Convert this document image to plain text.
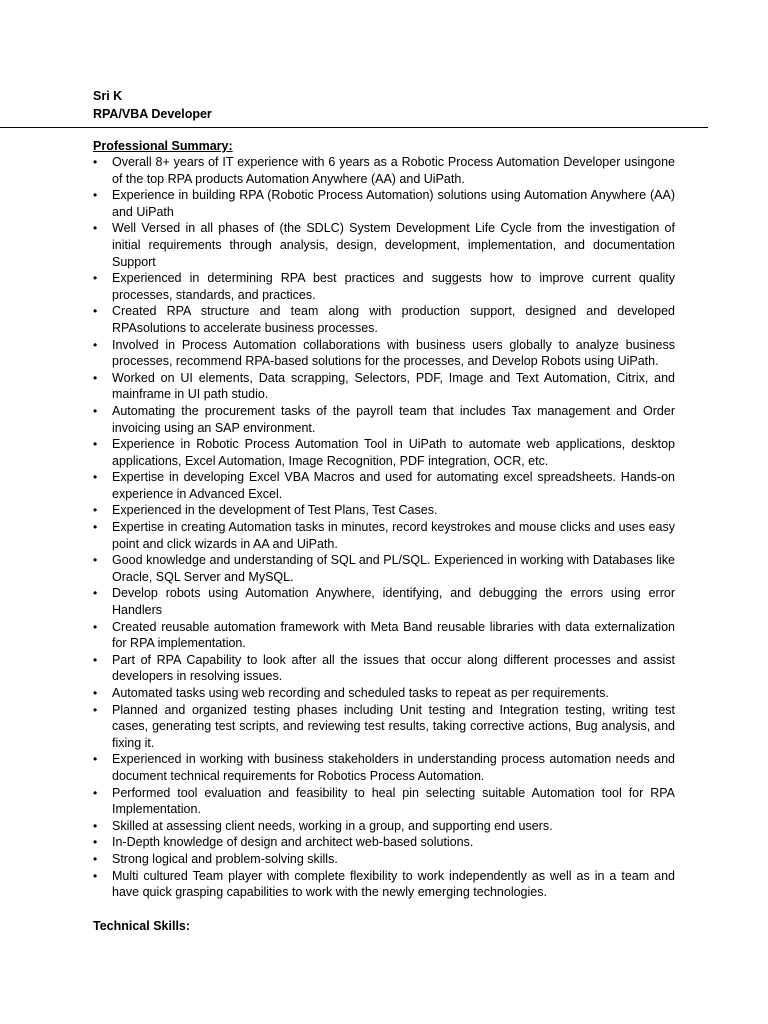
Sri K
RPA/VBA Developer
Professional Summary:
•	Overall 8+ years of IT experience with 6 years as a Robotic Process Automation Developer usingone of the top RPA products Automation Anywhere (AA) and UiPath.
•	Experience in building RPA (Robotic Process Automation) solutions using Automation Anywhere (AA) and UiPath
•	Well Versed in all phases of (the SDLC) System Development Life Cycle from the investigation of initial requirements through analysis, design, development, implementation, and documentation Support
•	Experienced in determining RPA best practices and suggests how to improve current quality processes, standards, and practices.
•	Created RPA structure and team along with production support, designed and developed RPAsolutions to accelerate business processes.
•	Involved in Process Automation collaborations with business users globally to analyze business processes, recommend RPA-based solutions for the processes, and Develop Robots using UiPath.
•	Worked on UI elements, Data scrapping, Selectors, PDF, Image and Text Automation, Citrix, and mainframe in UI path studio.
•	Automating the procurement tasks of the payroll team that includes Tax management and Order invoicing using an SAP environment.
•	Experience in Robotic Process Automation Tool in UiPath to automate web applications, desktop applications, Excel Automation, Image Recognition, PDF integration, OCR, etc.
•	Expertise in developing Excel VBA Macros and used for automating excel spreadsheets. Hands-on experience in Advanced Excel.
•	Experienced in the development of Test Plans, Test Cases.
•	Expertise in creating Automation tasks in minutes, record keystrokes and mouse clicks and uses easy point and click wizards in AA and UiPath.
•	Good knowledge and understanding of SQL and PL/SQL. Experienced in working with Databases like Oracle, SQL Server and MySQL.
•	Develop robots using Automation Anywhere, identifying, and debugging the errors using error Handlers
•	Created reusable automation framework with Meta Band reusable libraries with data externalization for RPA implementation.
•	Part of RPA Capability to look after all the issues that occur along different processes and assist developers in resolving issues.
•	Automated tasks using web recording and scheduled tasks to repeat as per requirements.
•	Planned and organized testing phases including Unit testing and Integration testing, writing test cases, generating test scripts, and reviewing test results, taking corrective actions, Bug analysis, and fixing it.
•	Experienced in working with business stakeholders in understanding process automation needs and document technical requirements for Robotics Process Automation.
•	Performed tool evaluation and feasibility to heal pin selecting suitable Automation tool for RPA Implementation.
•	Skilled at assessing client needs, working in a group, and supporting end users.
•	In-Depth knowledge of design and architect web-based solutions.
•	Strong logical and problem-solving skills.
•	Multi cultured Team player with complete flexibility to work independently as well as in a team and have quick grasping capabilities to work with the newly emerging technologies.
Technical Skills:
